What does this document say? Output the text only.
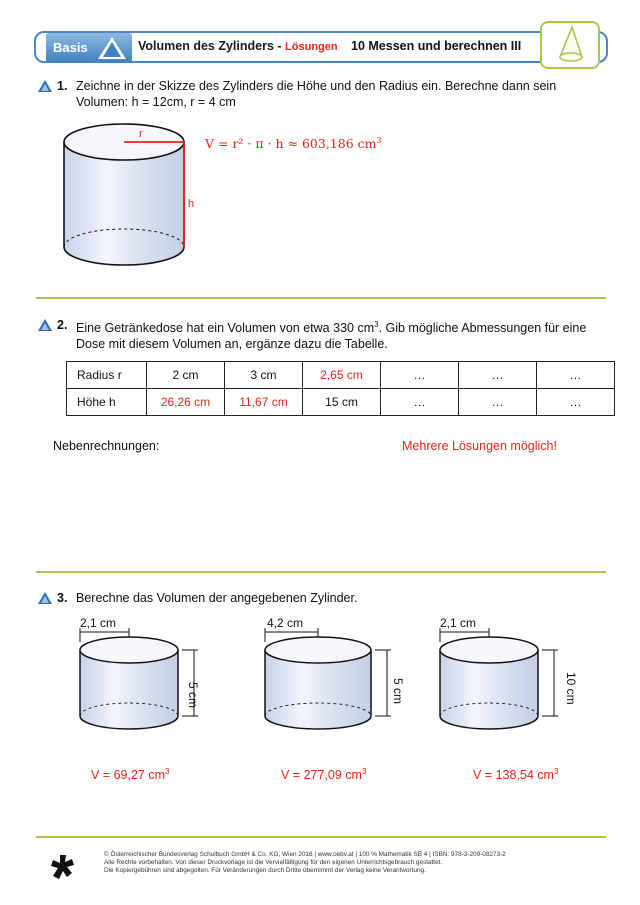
Basis	Volumen des Zylinders - Lösungen 10 Messen und berechnen III
1. Zeichne in der Skizze des Zylinders die Höhe und den Radius ein. Berechne dann sein
Volumen: h = 12cm, r = 4 cm
r
h
V = r² · π · h ≈ 603,186 $cm^3$
2. Eine Getränkedose hat ein Volumen von etwa 330 $cm^3$. Gib mögliche Abmessungen für eine
Dose mit diesem Volumen an, ergänze dazu die Tabelle.
Radius r	2 cm	3 cm	2,65 cm	…	…	…
Höhe h	26,26 cm	11,67 cm	15 cm	…	…	…
Nebenrechnungen:	Mehrere Lösungen möglich!
3. Berechne das Volumen der angegebenen Zylinder.
2,1 cm
5 cm
V = 69,27 $cm^3$
4,2 cm
5 cm
V = 277,09 $cm^3$
2,1 cm
10 cm
V = 138,54 $cm^3$
© Österreichischer Bundesverlag Schulbuch GmbH & Co. KG, Wien 2016 | www.oebv.at | 100 % Mathematik SB 4 | ISBN: 978-3-209-08273-2
Alle Rechte vorbehalten. Von dieser Druckvorlage ist die Vervielfältigung für den eigenen Unterrichtsgebrauch gestattet.
Die Kopiergebühren sind abgegolten. Für Veränderungen durch Dritte übernimmt der Verlag keine Verantwortung.
